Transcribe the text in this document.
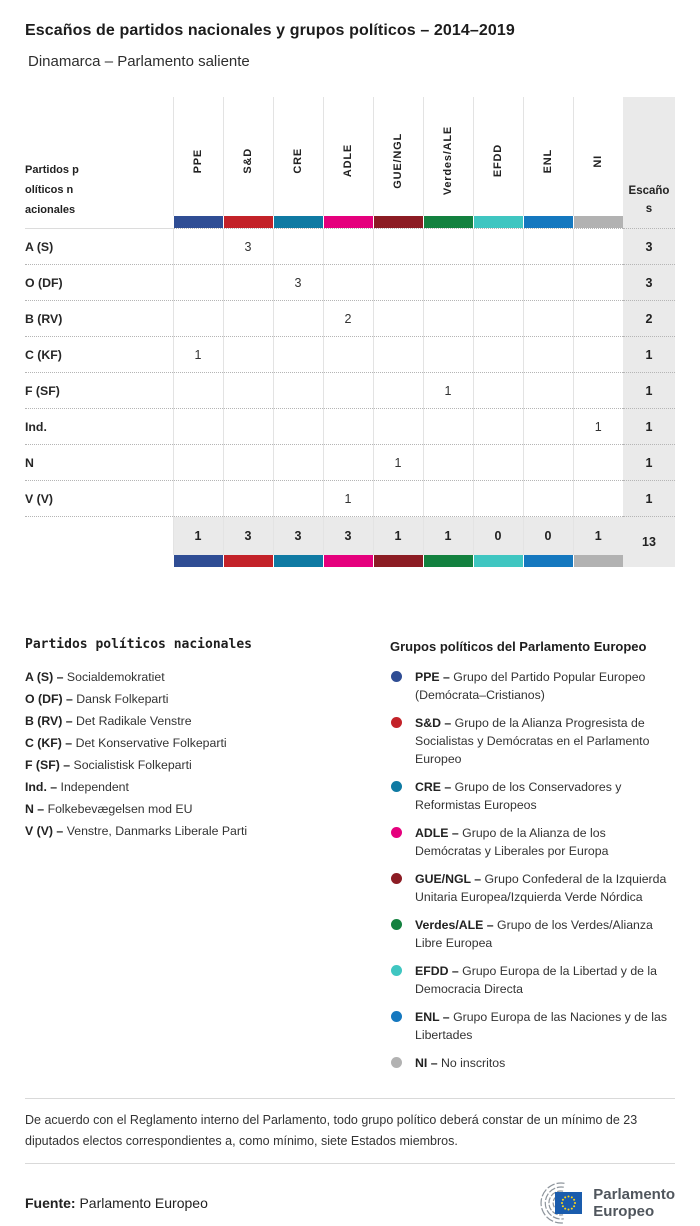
Escaños de partidos nacionales y grupos políticos – 2014–2019
Dinamarca – Parlamento saliente
Partidos políticos nacionales	PPE	S&D	CRE	ADLE	GUE/NGL	Verdes/ALE	EFDD	ENL	NI	Escaños

A (S)		3								3
O (DF)			3							3
B (RV)				2						2
C (KF)	1									1
F (SF)						1				1
Ind.									1	1
N					1					1
V (V)				1						1
	1	3	3	3	1	1	0	0	1	13

Partidos políticos nacionales
A (S) – Socialdemokratiet
O (DF) – Dansk Folkeparti
B (RV) – Det Radikale Venstre
C (KF) – Det Konservative Folkeparti
F (SF) – Socialistisk Folkeparti
Ind. – Independent
N – Folkebevægelsen mod EU
V (V) – Venstre, Danmarks Liberale Parti
Grupos políticos del Parlamento Europeo
PPE – Grupo del Partido Popular Europeo (Demócrata–Cristianos)
S&D – Grupo de la Alianza Progresista de Socialistas y Demócratas en el Parlamento Europeo
CRE – Grupo de los Conservadores y Reformistas Europeos
ADLE – Grupo de la Alianza de los Demócratas y Liberales por Europa
GUE/NGL – Grupo Confederal de la Izquierda Unitaria Europea/Izquierda Verde Nórdica
Verdes/ALE – Grupo de los Verdes/Alianza Libre Europea
EFDD – Grupo Europa de la Libertad y de la Democracia Directa
ENL – Grupo Europa de las Naciones y de las Libertades
NI – No inscritos

De acuerdo con el Reglamento interno del Parlamento, todo grupo político deberá constar de un mínimo de 23 diputados electos correspondientes a, como mínimo, siete Estados miembros.

Fuente: Parlamento Europeo	Parlamento
Europeo
